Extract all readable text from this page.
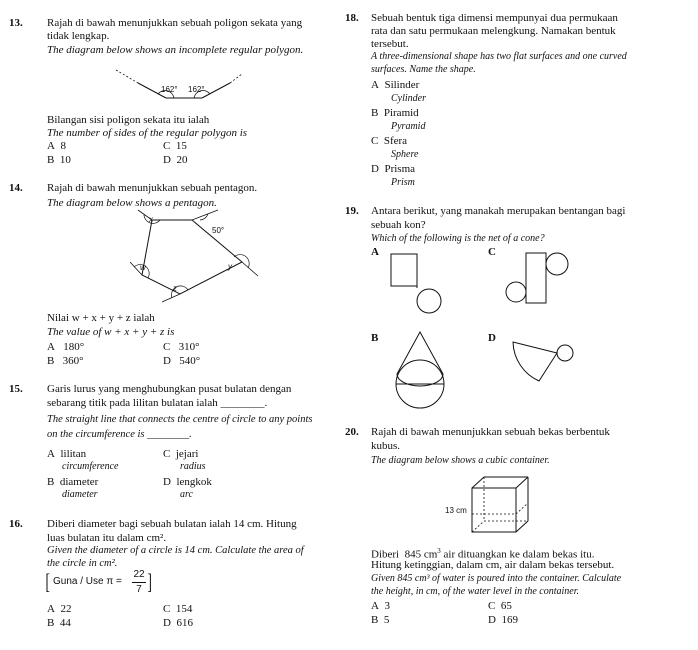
13. Rajah di bawah menunjukkan sebuah poligon sekata yang
tidak lengkap.
The diagram below shows an incomplete regular polygon.
162° 162°
Bilangan sisi poligon sekata itu ialah
The number of sides of the regular polygon is
A 8
B 10
C 15
D 20
14. Rajah di bawah menunjukkan sebuah pentagon.
The diagram below shows a pentagon.
x
50°
w	y
z
Nilai w + x + y + z ialah
The value of w + x + y + z is
A 180°
B 360°
C 310°
D 540°
15. Garis lurus yang menghubungkan pusat bulatan dengan
sebarang titik pada lilitan bulatan ialah ________.
The straight line that connects the centre of circle to any points
on the circumference is ________.
A lilitan
circumference
B diameter
diameter
C jejari
radius
D lengkok
arc
16. Diberi diameter bagi sebuah bulatan ialah 14 cm. Hitung
luas bulatan itu dalam cm².
Given the diameter of a circle is 14 cm. Calculate the area of
the circle in cm².
[ Guna / Use π =
22
7 ]
A 22
B 44
C 154
D 616
18. Sebuah bentuk tiga dimensi mempunyai dua permukaan
rata dan satu permukaan melengkung. Namakan bentuk
tersebut.
A three-dimensional shape has two flat surfaces and one curved
surfaces. Name the shape.
A Silinder
Cylinder
B Piramid
Pyramid
C Sfera
Sphere
D Prisma
Prism
19. Antara berikut, yang manakah merupakan bentangan bagi
sebuah kon?
Which of the following is the net of a cone?
A	C
B	D
20. Rajah di bawah menunjukkan sebuah bekas berbentuk
kubus.
The diagram below shows a cubic container.
13 cm
Diberi  845 $cm^3$ air dituangkan ke dalam bekas itu.
Hitung ketinggian, dalam cm, air dalam bekas tersebut.
Given 845 cm³ of water is poured into the container. Calculate
the height, in cm, of the water level in the container.
A 3
B 5
C 65
D 169
